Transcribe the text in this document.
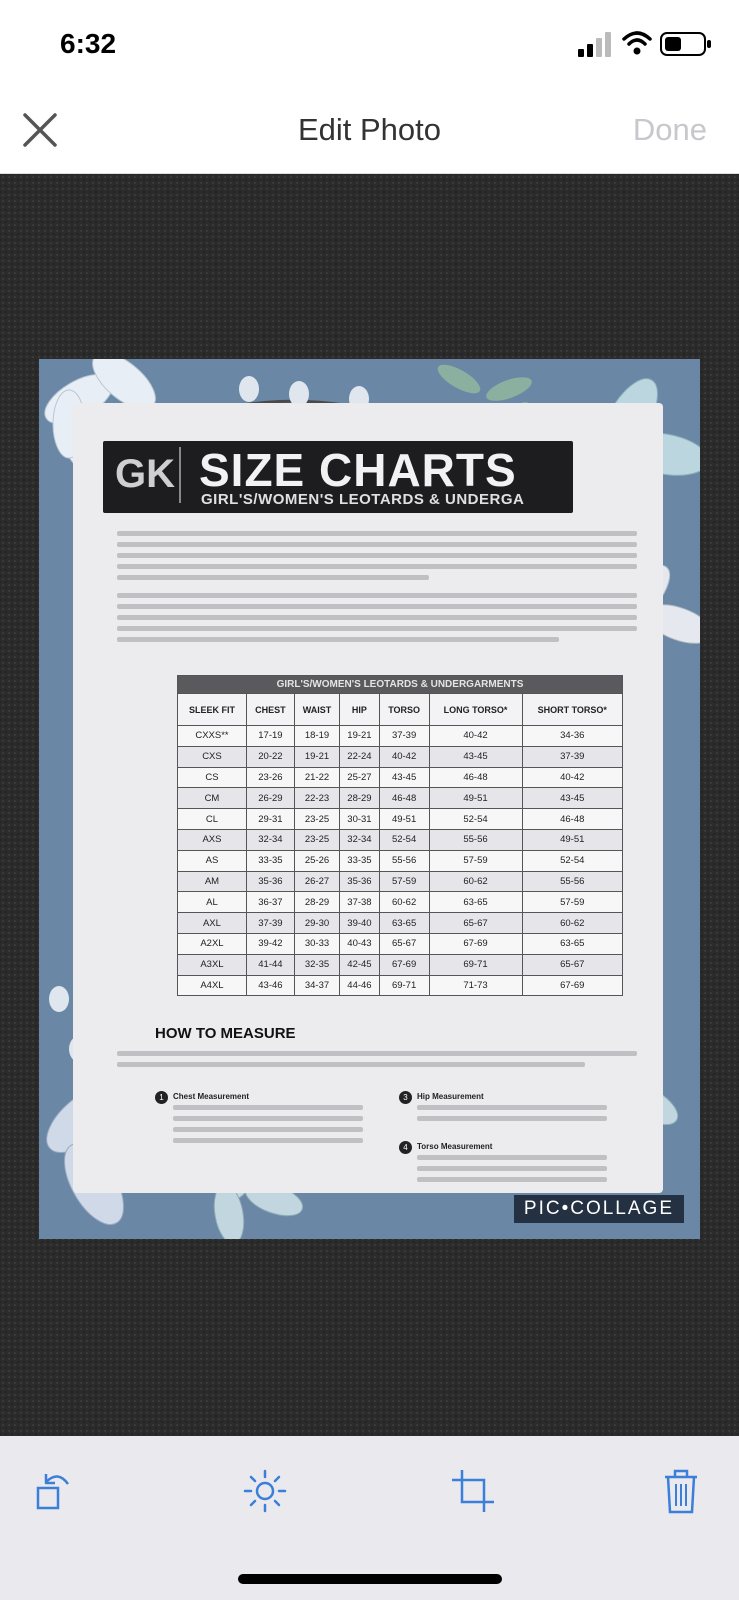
6:32
Edit Photo	Done
GK SIZE CHARTS
GIRL'S/WOMEN'S LEOTARDS & UNDERGA
GIRL'S/WOMEN'S LEOTARDS & UNDERGARMENTS						
SLEEK FIT	CHEST	WAIST	HIP	TORSO	LONG TORSO*	SHORT TORSO*
CXXS**	17-19	18-19	19-21	37-39	40-42	34-36
CXS	20-22	19-21	22-24	40-42	43-45	37-39
CS	23-26	21-22	25-27	43-45	46-48	40-42
CM	26-29	22-23	28-29	46-48	49-51	43-45
CL	29-31	23-25	30-31	49-51	52-54	46-48
AXS	32-34	23-25	32-34	52-54	55-56	49-51
AS	33-35	25-26	33-35	55-56	57-59	52-54
AM	35-36	26-27	35-36	57-59	60-62	55-56
AL	36-37	28-29	37-38	60-62	63-65	57-59
AXL	37-39	29-30	39-40	63-65	65-67	60-62
A2XL	39-42	30-33	40-43	65-67	67-69	63-65
A3XL	41-44	32-35	42-45	67-69	69-71	65-67
A4XL	43-46	34-37	44-46	69-71	71-73	67-69
HOW TO MEASURE
1	Chest Measurement	3	Hip Measurement
4	Torso Measurement
PIC•COLLAGE
